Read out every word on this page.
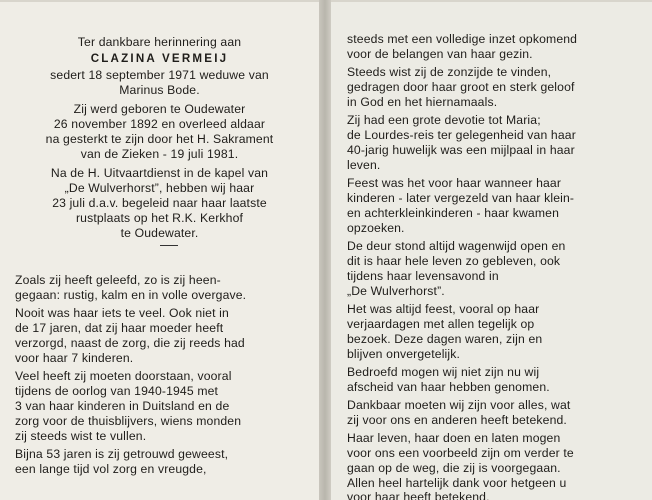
Ter dankbare herinnering aan
CLAZINA VERMEIJ
sedert 18 september 1971 weduwe van
Marinus Bode.
Zij werd geboren te Oudewater
26 november 1892 en overleed aldaar
na gesterkt te zijn door het H. Sakrament
van de Zieken - 19 juli 1981.
Na de H. Uitvaartdienst in de kapel van
„De Wulverhorst”, hebben wij haar
23 juli d.a.v. begeleid naar haar laatste
rustplaats op het R.K. Kerkhof
te Oudewater.
Zoals zij heeft geleefd, zo is zij heen-
gegaan: rustig, kalm en in volle overgave.
Nooit was haar iets te veel. Ook niet in
de 17 jaren, dat zij haar moeder heeft
verzorgd, naast de zorg, die zij reeds had
voor haar 7 kinderen.
Veel heeft zij moeten doorstaan, vooral
tijdens de oorlog van 1940-1945 met
3 van haar kinderen in Duitsland en de
zorg voor de thuisblijvers, wiens monden
zij steeds wist te vullen.
Bijna 53 jaren is zij getrouwd geweest,
een lange tijd vol zorg en vreugde,
steeds met een volledige inzet opkomend
voor de belangen van haar gezin.
Steeds wist zij de zonzijde te vinden,
gedragen door haar groot en sterk geloof
in God en het hiernamaals.
Zij had een grote devotie tot Maria;
de Lourdes-reis ter gelegenheid van haar
40-jarig huwelijk was een mijlpaal in haar
leven.
Feest was het voor haar wanneer haar
kinderen - later vergezeld van haar klein-
en achterkleinkinderen - haar kwamen
opzoeken.
De deur stond altijd wagenwijd open en
dit is haar hele leven zo gebleven, ook
tijdens haar levensavond in
„De Wulverhorst”.
Het was altijd feest, vooral op haar
verjaardagen met allen tegelijk op
bezoek. Deze dagen waren, zijn en
blijven onvergetelijk.
Bedroefd mogen wij niet zijn nu wij
afscheid van haar hebben genomen.
Dankbaar moeten wij zijn voor alles, wat
zij voor ons en anderen heeft betekend.
Haar leven, haar doen en laten mogen
voor ons een voorbeeld zijn om verder te
gaan op de weg, die zij is voorgegaan.
Allen heel hartelijk dank voor hetgeen u
voor haar heeft betekend.
